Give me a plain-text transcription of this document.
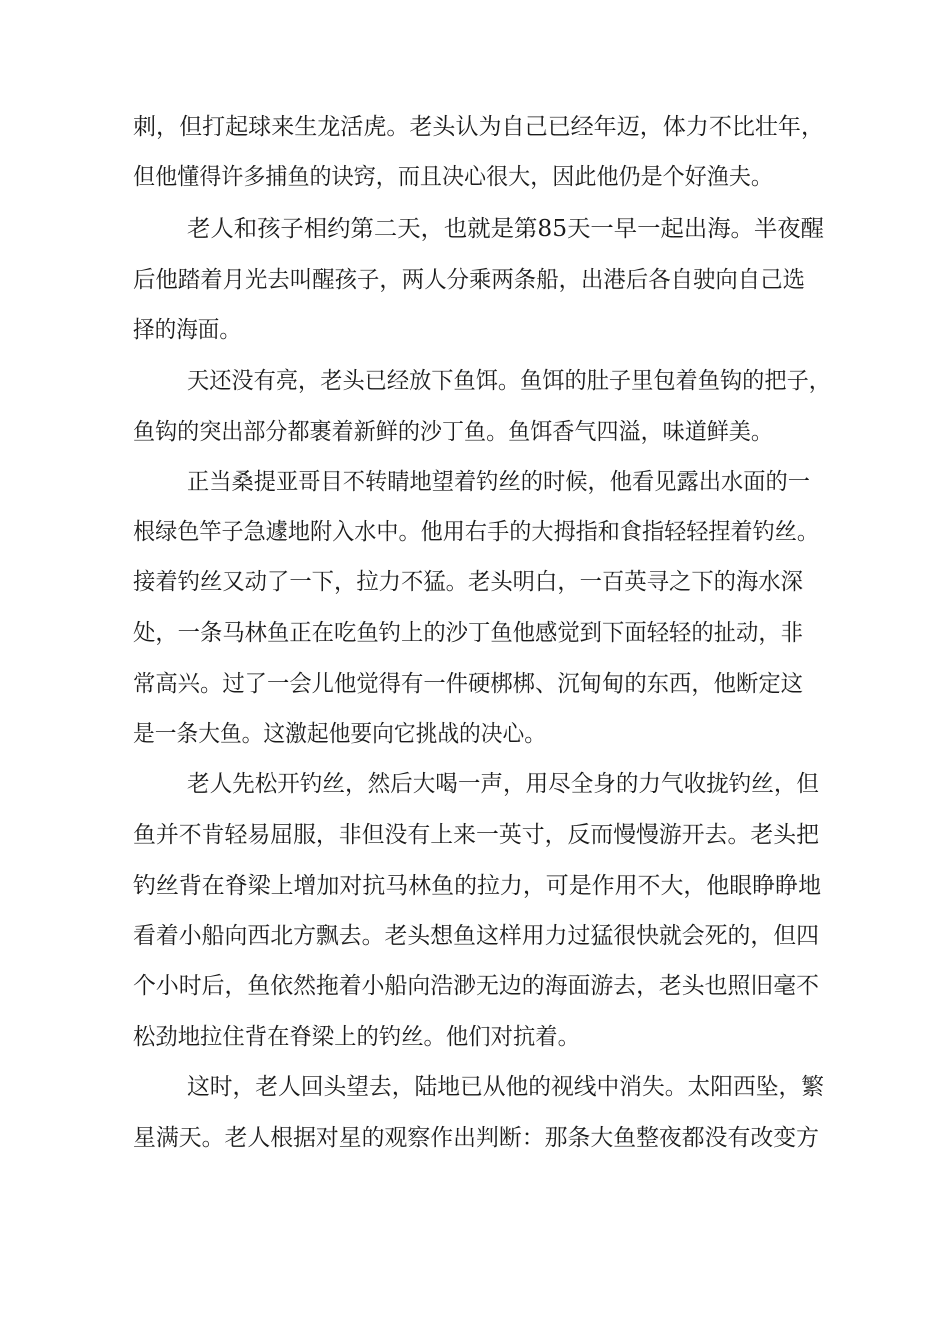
刺，但打起球来生龙活虎。老头认为自己已经年迈，体力不比壮年，
但他懂得许多捕鱼的诀窍，而且决心很大，因此他仍是个好渔夫。
老人和孩子相约第二天，也就是第85天一早一起出海。半夜醒
后他踏着月光去叫醒孩子，两人分乘两条船，出港后各自驶向自己选
择的海面。
天还没有亮，老头已经放下鱼饵。鱼饵的肚子里包着鱼钩的把子，
鱼钩的突出部分都裹着新鲜的沙丁鱼。鱼饵香气四溢，味道鲜美。
正当桑提亚哥目不转睛地望着钓丝的时候，他看见露出水面的一
根绿色竿子急遽地附入水中。他用右手的大拇指和食指轻轻捏着钓丝。
接着钓丝又动了一下，拉力不猛。老头明白，一百英寻之下的海水深
处，一条马林鱼正在吃鱼钓上的沙丁鱼他感觉到下面轻轻的扯动，非
常高兴。过了一会儿他觉得有一件硬梆梆、沉甸甸的东西，他断定这
是一条大鱼。这激起他要向它挑战的决心。
老人先松开钓丝，然后大喝一声，用尽全身的力气收拢钓丝，但
鱼并不肯轻易屈服，非但没有上来一英寸，反而慢慢游开去。老头把
钓丝背在脊梁上增加对抗马林鱼的拉力，可是作用不大，他眼睁睁地
看着小船向西北方飘去。老头想鱼这样用力过猛很快就会死的，但四
个小时后，鱼依然拖着小船向浩渺无边的海面游去，老头也照旧毫不
松劲地拉住背在脊梁上的钓丝。他们对抗着。
这时，老人回头望去，陆地已从他的视线中消失。太阳西坠，繁
星满天。老人根据对星的观察作出判断：那条大鱼整夜都没有改变方
